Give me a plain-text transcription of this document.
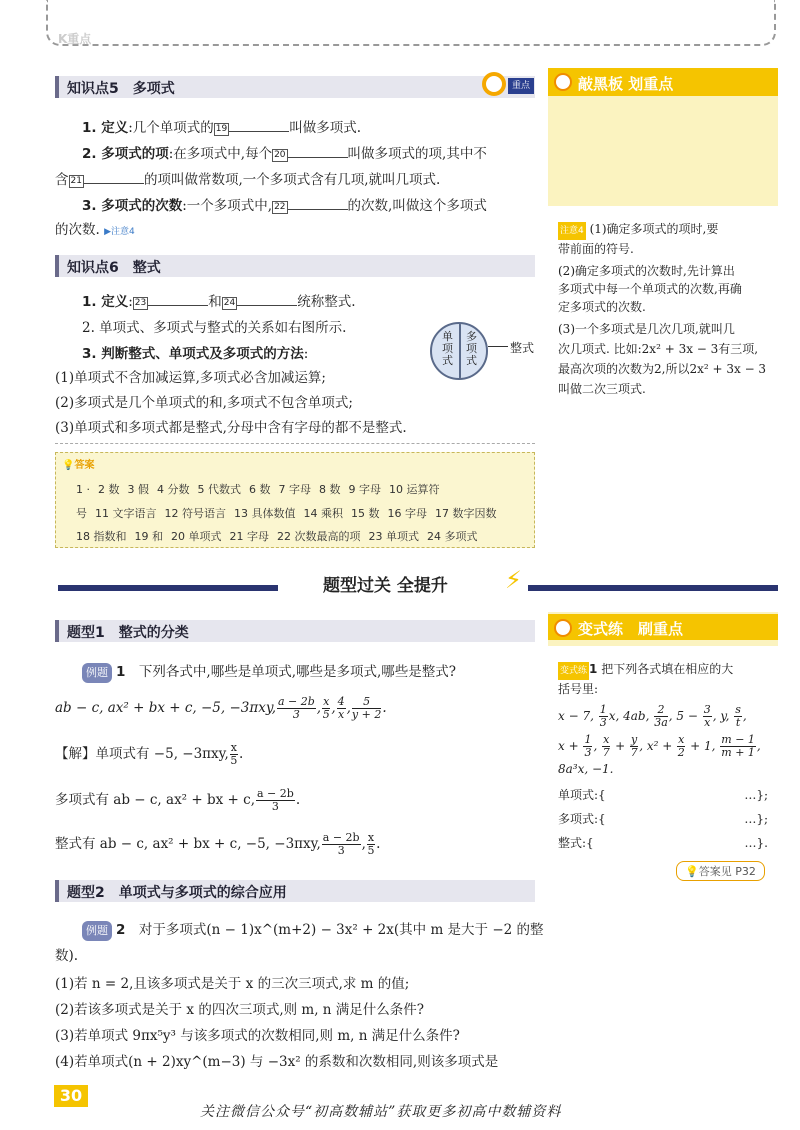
K重点
知识点5　多项式	重点

1. 定义:几个单项式的 19	叫做多项式.

2. 多项式的项:在多项式中,每个 20	叫做多项式的项,其中不

含 21	的项叫做常数项,一个多项式含有几项,就叫几项式.

3. 多项式的次数:一个多项式中, 22	的次数,叫做这个多项式

的次数. ▶注意4

知识点6　整式

1. 定义: 23	和 24	统称整式.

2. 单项式、多项式与整式的关系如右图所示.

3. 判断整式、单项式及多项式的方法:

(1)单项式不含加减运算,多项式必含加减运算;

(2)多项式是几个单项式的和,多项式不包含单项式;

(3)单项式和多项式都是整式,分母中含有字母的都不是整式.

单项式
多项式
整式
💡答案
1 · 2 数 3 假 4 分数 5 代数式 6 数 7 字母 8 数 9 字母 10 运算符
号 11 文字语言 12 符号语言 13 具体数值 14 乘积 15 数 16 字母 17 数字因数
18 指数和 19 和 20 单项式 21 字母 22 次数最高的项 23 单项式 24 多项式
敲黑板 划重点

注意4 (1)确定多项式的项时,要

带前面的符号.

(2)确定多项式的次数时,先计算出

多项式中每一个单项式的次数,再确

定多项式的次数.

(3)一个多项式是几次几项,就叫几

次几项式. 比如:2x² + 3x − 3有三项,

最高次项的次数为2,所以2x² + 3x − 3

叫做二次三项式.

题型过关 全提升 ⚡
题型1　整式的分类

例题 1　 下列各式中,哪些是单项式,哪些是多项式,哪些是整式?

ab − c, ax² + bx + c, −5, −3πxy, $\frac{a - 2b}{3}$ , $\frac{x}{5}$ , $\frac{4}{x}$ , $\frac{5}{y + 2}$ .

【解】单项式有 −5, −3πxy, $\frac{x}{5}$ .

多项式有 ab − c, ax² + bx + c, $\frac{a - 2b}{3}$ .

整式有 ab − c, ax² + bx + c, −5, −3πxy, $\frac{a - 2b}{3}$ , $\frac{x}{5}$ .

变式练　刷重点

变式练 1 把下列各式填在相应的大

括号里:

x − 7, $\frac{1}{3} x$, 4ab, $\frac{2}{3a}$ , $5 - \frac{3}{x}$ , y, $\frac{s}{t}$ ,

$x + \frac{1}{3}$ , $\frac{x}{7} + \frac{y}{7}$ , $x^2 + \frac{x}{2} + 1$, $\frac{m - 1}{m + 1}$ ,

8a³x, −1.

单项式:{	…};

多项式:{	…};

整式:{	…}.

💡答案见 P32
题型2　单项式与多项式的综合应用

例题 2　 对于多项式(n − 1)x^(m+2) − 3x² + 2x(其中 m 是大于 −2 的整

数).

(1)若 n = 2,且该多项式是关于 x 的三次三项式,求 m 的值;

(2)若该多项式是关于 x 的四次三项式,则 m, n 满足什么条件?

(3)若单项式 9πx⁵y³ 与该多项式的次数相同,则 m, n 满足什么条件?

(4)若单项式(n + 2)xy^(m−3) 与 −3x² 的系数和次数相同,则该多项式是

30
关注微信公众号“初高数辅站”获取更多初高中数辅资料
